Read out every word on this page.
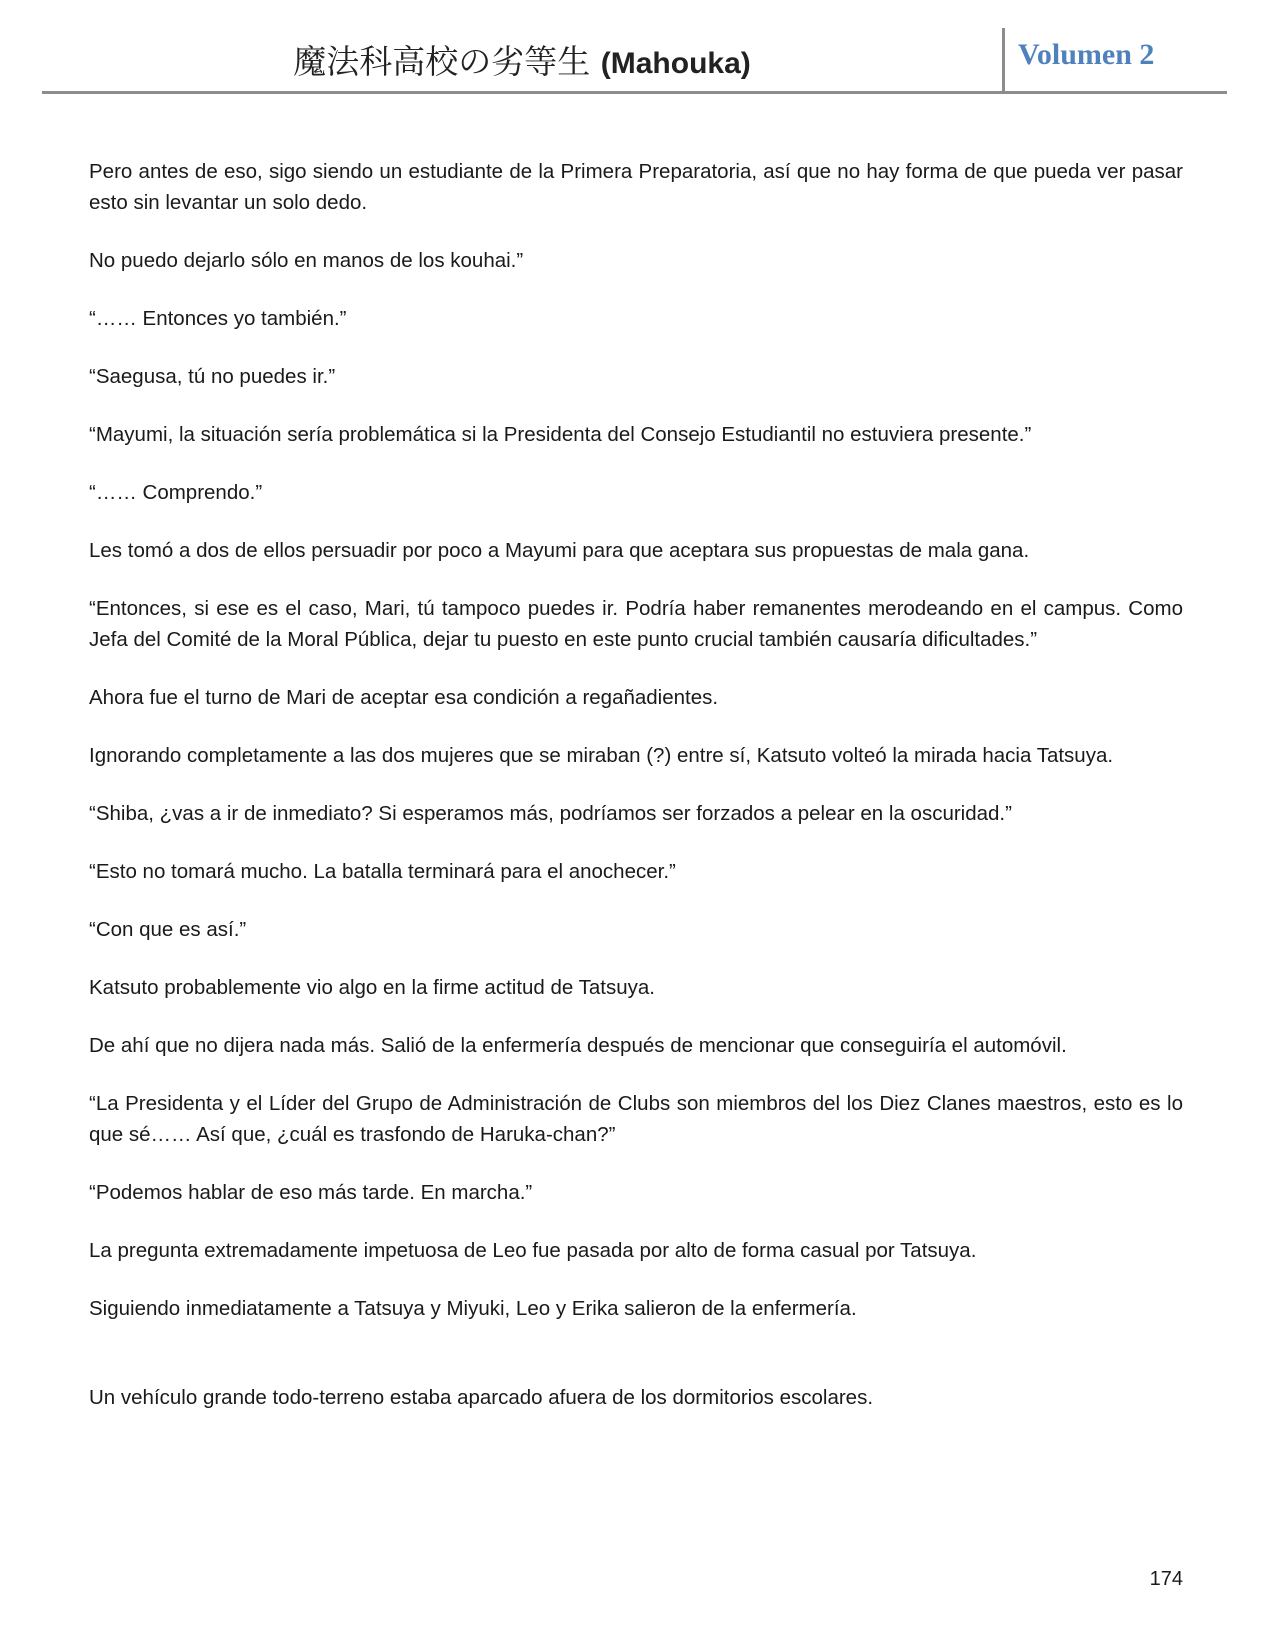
魔法科高校の劣等生 (Mahouka)	Volumen 2

Pero antes de eso, sigo siendo un estudiante de la Primera Preparatoria, así que no hay forma de que pueda ver pasar esto sin levantar un solo dedo.

No puedo dejarlo sólo en manos de los kouhai.”

“…… Entonces yo también.”

“Saegusa, tú no puedes ir.”

“Mayumi, la situación sería problemática si la Presidenta del Consejo Estudiantil no estuviera presente.”

“…… Comprendo.”

Les tomó a dos de ellos persuadir por poco a Mayumi para que aceptara sus propuestas de mala gana.

“Entonces, si ese es el caso, Mari, tú tampoco puedes ir. Podría haber remanentes merodeando en el campus. Como Jefa del Comité de la Moral Pública, dejar tu puesto en este punto crucial también causaría dificultades.”

Ahora fue el turno de Mari de aceptar esa condición a regañadientes.

Ignorando completamente a las dos mujeres que se miraban (?) entre sí, Katsuto volteó la mirada hacia Tatsuya.

“Shiba, ¿vas a ir de inmediato? Si esperamos más, podríamos ser forzados a pelear en la oscuridad.”

“Esto no tomará mucho. La batalla terminará para el anochecer.”

“Con que es así.”

Katsuto probablemente vio algo en la firme actitud de Tatsuya.

De ahí que no dijera nada más. Salió de la enfermería después de mencionar que conseguiría el automóvil.

“La Presidenta y el Líder del Grupo de Administración de Clubs son miembros del los Diez Clanes maestros, esto es lo que sé…… Así que, ¿cuál es trasfondo de Haruka-chan?”

“Podemos hablar de eso más tarde. En marcha.”

La pregunta extremadamente impetuosa de Leo fue pasada por alto de forma casual por Tatsuya.

Siguiendo inmediatamente a Tatsuya y Miyuki, Leo y Erika salieron de la enfermería.

Un vehículo grande todo-terreno estaba aparcado afuera de los dormitorios escolares.

174
